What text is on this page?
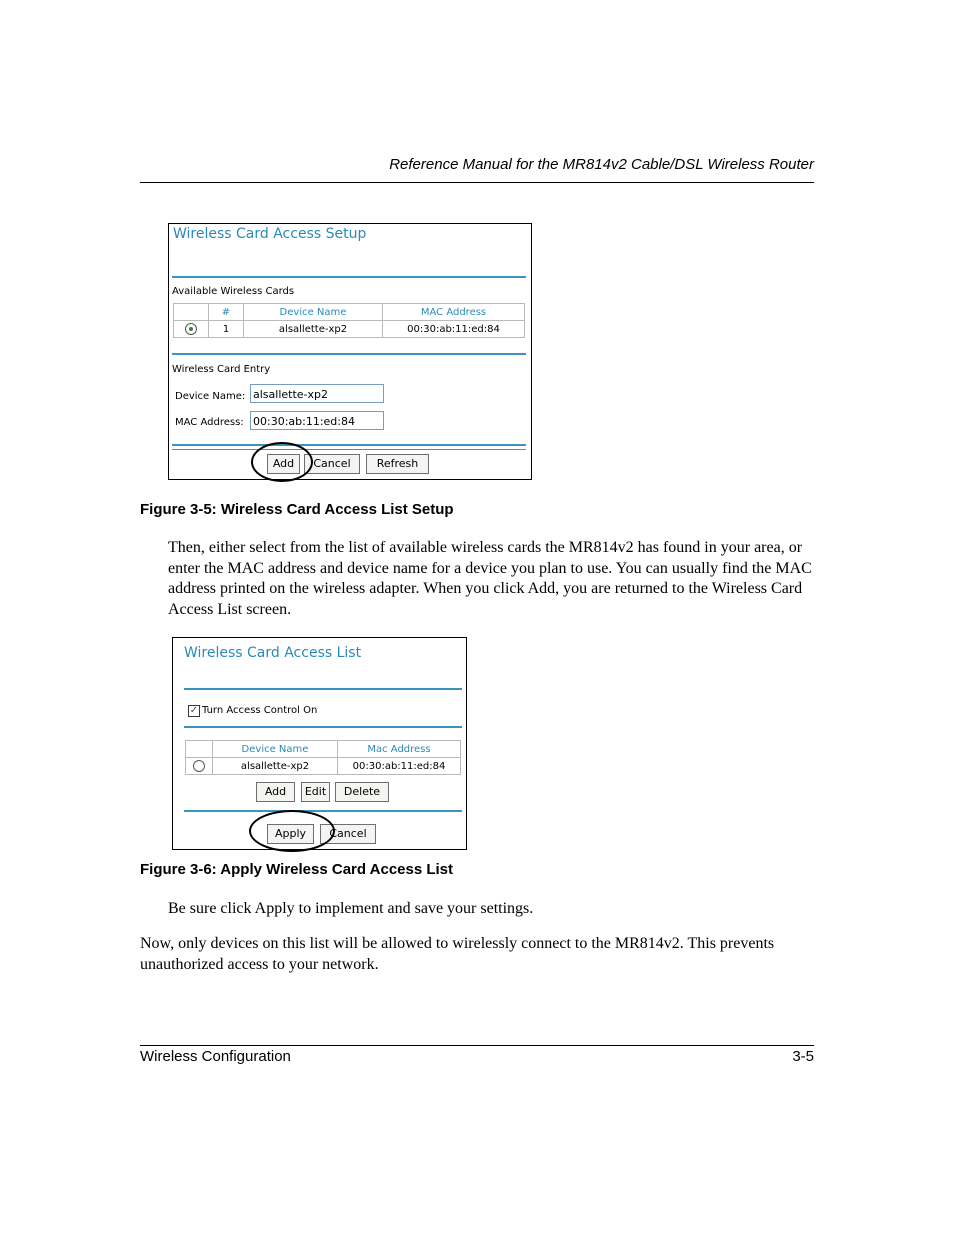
Reference Manual for the MR814v2 Cable/DSL Wireless Router
Wireless Card Access Setup
Available Wireless Cards
	#	Device Name	MAC Address
	1	alsallette-xp2	00:30:ab:11:ed:84
Wireless Card Entry
Device Name: alsallette-xp2
MAC Address: 00:30:ab:11:ed:84
Add	Cancel	Refresh
Figure 3-5: Wireless Card Access List Setup
Then, either select from the list of available wireless cards the MR814v2 has found in your area, or enter the MAC address and device name for a device you plan to use. You can usually find the MAC address printed on the wireless adapter. When you click Add, you are returned to the Wireless Card Access List screen.
Wireless Card Access List
✓ Turn Access Control On
	Device Name	Mac Address
	alsallette-xp2	00:30:ab:11:ed:84
Add	Edit	Delete
Apply	Cancel
Figure 3-6: Apply Wireless Card Access List
Be sure click Apply to implement and save your settings.
Now, only devices on this list will be allowed to wirelessly connect to the MR814v2. This prevents unauthorized access to your network.
Wireless Configuration	3-5
